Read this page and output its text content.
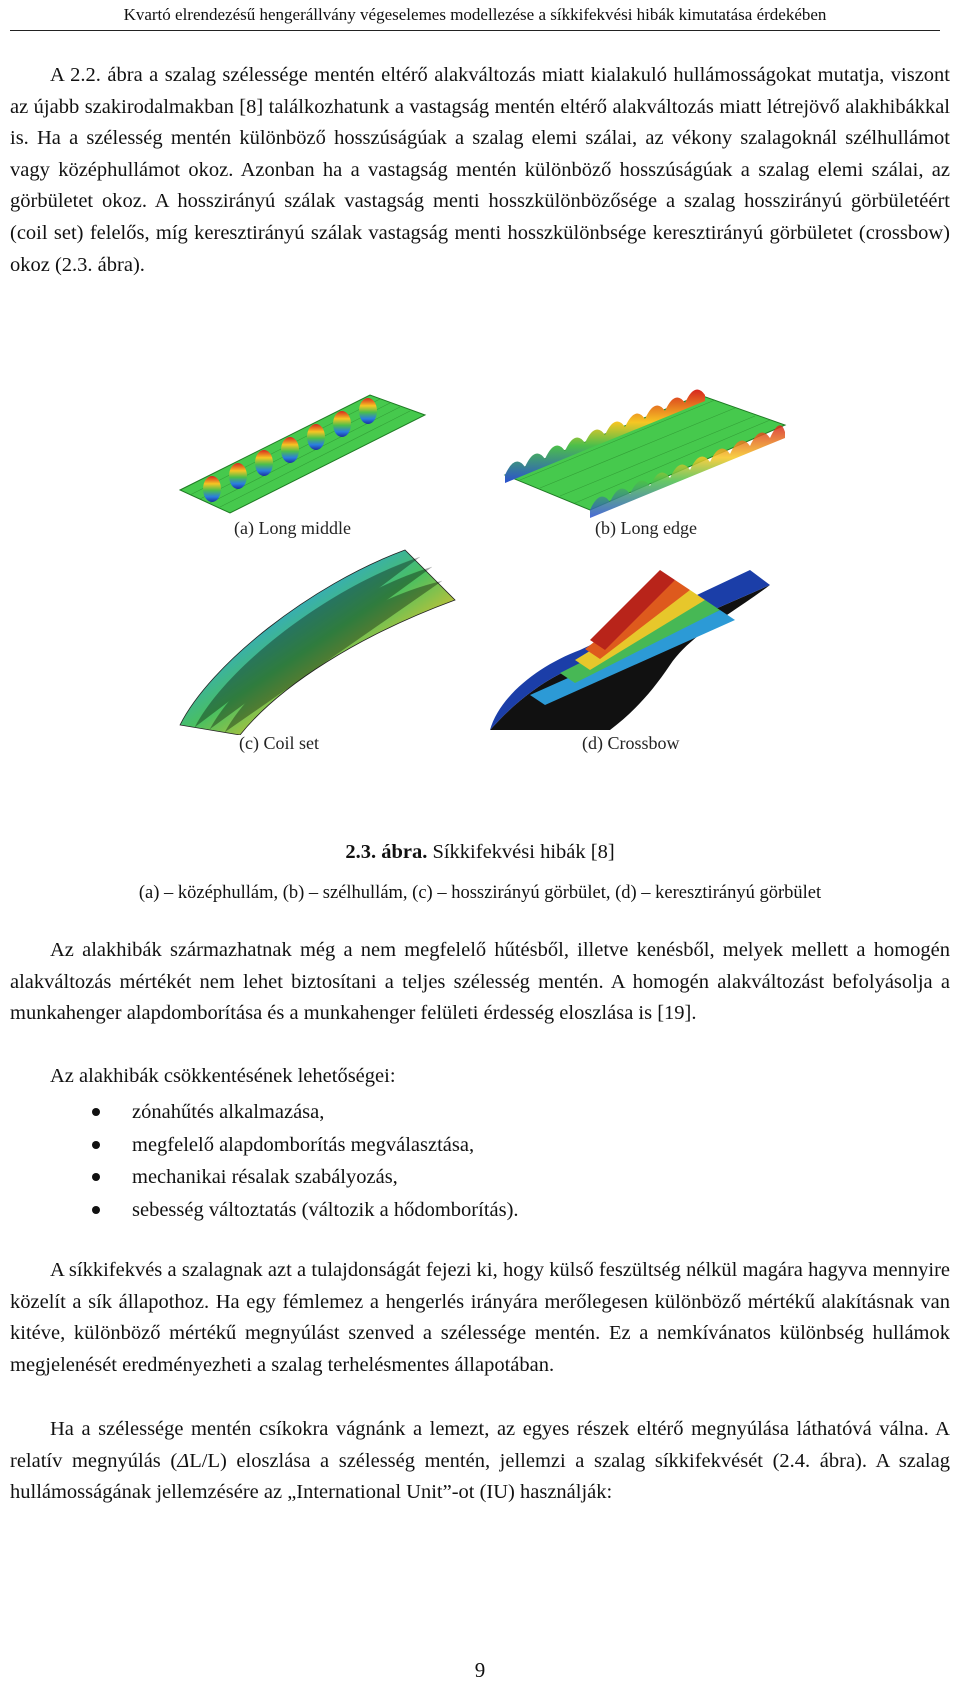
Kvartó elrendezésű hengerállvány végeselemes modellezése a síkkifekvési hibák kimutatása érdekében

A 2.2. ábra a szalag szélessége mentén eltérő alakváltozás miatt kialakuló hullámosságokat mutatja, viszont az újabb szakirodalmakban [8] találkozhatunk a vastagság mentén eltérő alakváltozás miatt létrejövő alakhibákkal is. Ha a szélesség mentén különböző hosszúságúak a szalag elemi szálai, az vékony szalagoknál szélhullámot vagy középhullámot okoz. Azonban ha a vastagság mentén különböző hosszúságúak a szalag elemi szálai, az görbületet okoz. A hosszirányú szálak vastagság menti hosszkülönbözősége a szalag hosszirányú görbületéért (coil set) felelős, míg keresztirányú szálak vastagság menti hosszkülönbsége keresztirányú görbületet (crossbow) okoz (2.3. ábra).

(a) Long middle	(b) Long edge
(c) Coil set	(d) Crossbow
2.3. ábra. Síkkifekvési hibák [8]
(a) – középhullám, (b) – szélhullám, (c) – hosszirányú görbület, (d) – keresztirányú görbület

Az alakhibák származhatnak még a nem megfelelő hűtésből, illetve kenésből, melyek mellett a homogén alakváltozás mértékét nem lehet biztosítani a teljes szélesség mentén. A homogén alakváltozást befolyásolja a munkahenger alapdomborítása és a munkahenger felületi érdesség eloszlása is [19].

Az alakhibák csökkentésének lehetőségei:

zónahűtés alkalmazása,
megfelelő alapdomborítás megválasztása,
mechanikai résalak szabályozás,
sebesség változtatás (változik a hődomborítás).

A síkkifekvés a szalagnak azt a tulajdonságát fejezi ki, hogy külső feszültség nélkül magára hagyva mennyire közelít a sík állapothoz. Ha egy fémlemez a hengerlés irányára merőlegesen különböző mértékű alakításnak van kitéve, különböző mértékű megnyúlást szenved a szélessége mentén. Ez a nemkívánatos különbség hullámok megjelenését eredményezheti a szalag terhelésmentes állapotában.

Ha a szélessége mentén csíkokra vágnánk a lemezt, az egyes részek eltérő megnyúlása láthatóvá válna. A relatív megnyúlás (ΔL/L) eloszlása a szélesség mentén, jellemzi a szalag síkkifekvését (2.4. ábra). A szalag hullámosságának jellemzésére az „International Unit”-ot (IU) használják:

9
